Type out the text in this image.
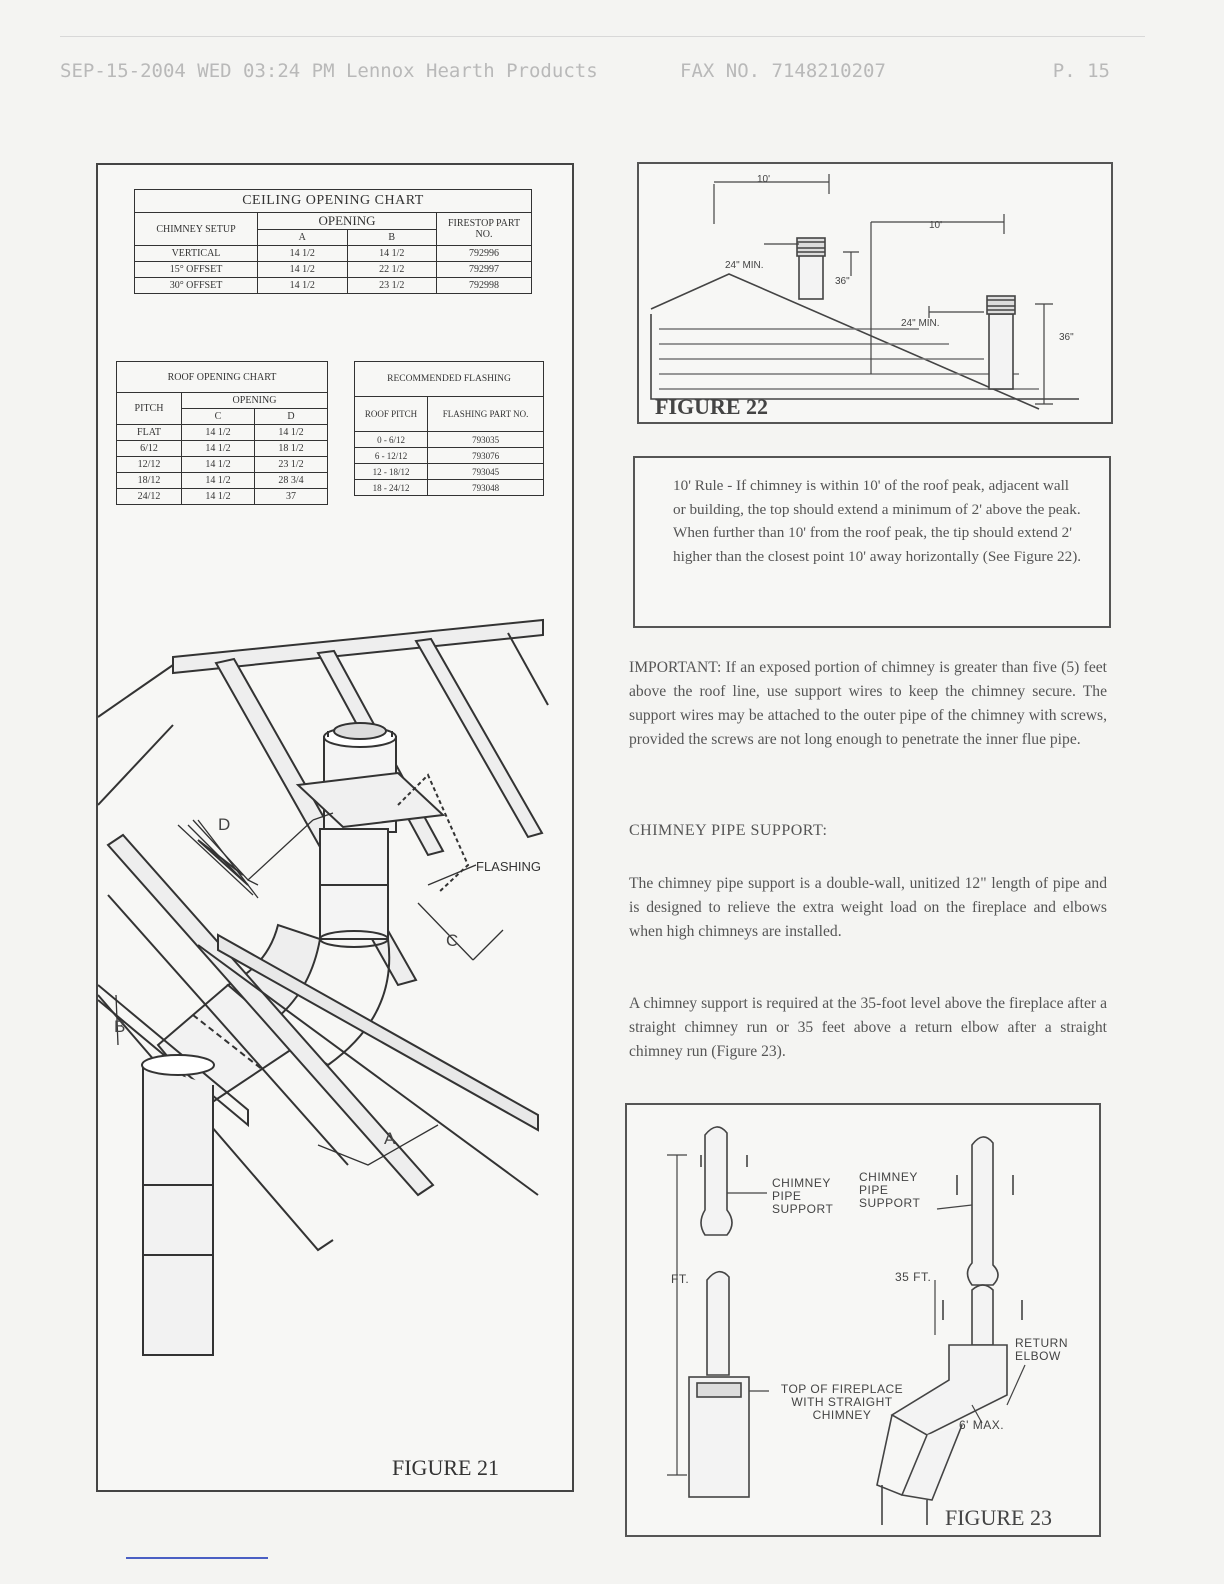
SEP-15-2004 WED 03:24 PM Lennox Hearth Products	FAX NO. 7148210207	P. 15
CEILING OPENING CHART			
CHIMNEY SETUP	OPENING		FIRESTOP PART NO.
	A	B	
VERTICAL	14 1/2	14 1/2	792996
15° OFFSET	14 1/2	22 1/2	792997
30° OFFSET	14 1/2	23 1/2	792998
ROOF OPENING CHART		
PITCH	OPENING	
	C	D
FLAT	14 1/2	14 1/2
6/12	14 1/2	18 1/2
12/12	14 1/2	23 1/2
18/12	14 1/2	28 3/4
24/12	14 1/2	37
RECOMMENDED FLASHING	
ROOF PITCH	FLASHING PART NO.
0 - 6/12	793035
6 - 12/12	793076
12 - 18/12	793045
18 - 24/12	793048
FLASHING
D
C
B
A
FIGURE 21
10'
10'
24" MIN.
36"
24" MIN.
36"
FIGURE 22

10' Rule - If chimney is within 10' of the roof peak, adjacent wall or building, the top should extend a minimum of 2' above the peak. When further than 10' from the roof peak, the tip should extend 2' higher than the closest point 10' away horizontally (See Figure 22).

IMPORTANT: If an exposed portion of chimney is greater than five (5) feet above the roof line, use support wires to keep the chimney secure. The support wires may be attached to the outer pipe of the chimney with screws, provided the screws are not long enough to penetrate the inner flue pipe.
CHIMNEY PIPE SUPPORT:
The chimney pipe support is a double-wall, unitized 12" length of pipe and is designed to relieve the extra weight load on the fireplace and elbows when high chimneys are installed.
A chimney support is required at the 35-foot level above the fireplace after a straight chimney run or 35 feet above a return elbow after a straight chimney run (Figure 23).
CHIMNEY PIPE SUPPORT
CHIMNEY PIPE SUPPORT
FT.	35 FT.
RETURN ELBOW
TOP OF FIREPLACE WITH STRAIGHT CHIMNEY
6' MAX.
FIGURE 23
